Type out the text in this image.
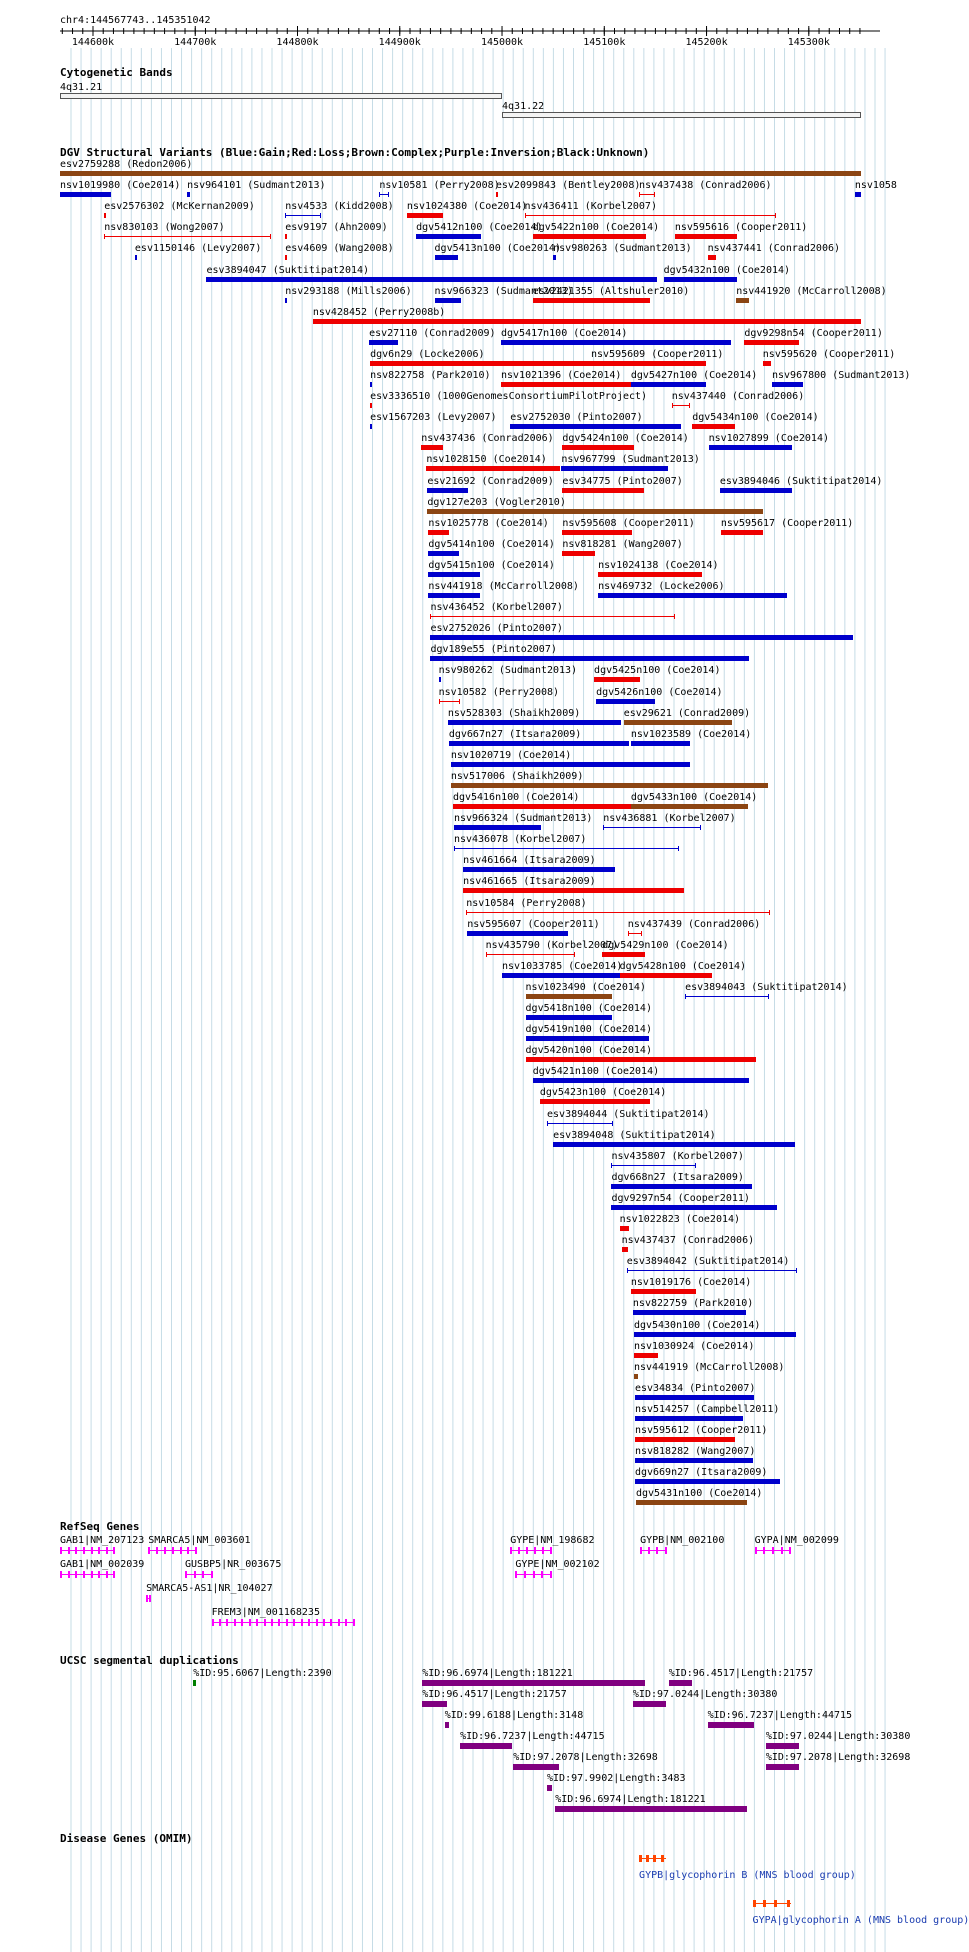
chr4:144567743..145351042
144600k	144700k	144800k	144900k	145000k	145100k	145200k	145300k
Cytogenetic Bands
4q31.21
4q31.22
DGV Structural Variants (Blue:Gain;Red:Loss;Brown:Complex;Purple:Inversion;Black:Unknown)
esv2759288 (Redon2006)
nsv1019980 (Coe2014) nsv964101 (Sudmant2013)	nsv10581 (Perry2008)
esv2099843 (Bentley2008)
nsv437438 (Conrad2006)	nsv1058
esv2576302 (McKernan2009)	nsv4533 (Kidd2008) nsv1024380 (Coe2014)
nsv436411 (Korbel2007)
nsv830103 (Wong2007)	esv9197 (Ahn2009)	dgv5412n100 (Coe2014)
dgv5422n100 (Coe2014) nsv595616 (Cooper2011)
esv1150146 (Levy2007) esv4609 (Wang2008)	dgv5413n100 (Coe2014)
nsv980263 (Sudmant2013) nsv437441 (Conrad2006)
esv3894047 (Suktitipat2014)	dgv5432n100 (Coe2014)
nsv293188 (Mills2006) nsv966323 (Sudmant2013)
esv2421355 (Altshuler2010)	nsv441920 (McCarroll2008)
nsv428452 (Perry2008b)
esv27110 (Conrad2009) dgv5417n100 (Coe2014)	dgv9298n54 (Cooper2011)
dgv6n29 (Locke2006)	nsv595609 (Cooper2011)	nsv595620 (Cooper2011)
nsv822758 (Park2010) nsv1021396 (Coe2014) dgv5427n100 (Coe2014) nsv967800 (Sudmant2013)
esv3336510 (1000GenomesConsortiumPilotProject) nsv437440 (Conrad2006)
esv1567203 (Levy2007) esv2752030 (Pinto2007)	dgv5434n100 (Coe2014)
nsv437436 (Conrad2006) dgv5424n100 (Coe2014) nsv1027899 (Coe2014)
nsv1028150 (Coe2014) nsv967799 (Sudmant2013)
esv21692 (Conrad2009) esv34775 (Pinto2007)	esv3894046 (Suktitipat2014)
dgv127e203 (Vogler2010)
nsv1025778 (Coe2014) nsv595608 (Cooper2011)	nsv595617 (Cooper2011)
dgv5414n100 (Coe2014) nsv818281 (Wang2007)
dgv5415n100 (Coe2014)	nsv1024138 (Coe2014)
nsv441918 (McCarroll2008) nsv469732 (Locke2006)
nsv436452 (Korbel2007)
esv2752026 (Pinto2007)
dgv189e55 (Pinto2007)
nsv980262 (Sudmant2013) dgv5425n100 (Coe2014)
nsv10582 (Perry2008)	dgv5426n100 (Coe2014)
nsv528303 (Shaikh2009)	esv29621 (Conrad2009)
dgv667n27 (Itsara2009)	nsv1023589 (Coe2014)
nsv1020719 (Coe2014)
nsv517006 (Shaikh2009)
dgv5416n100 (Coe2014)	dgv5433n100 (Coe2014)
nsv966324 (Sudmant2013) nsv436881 (Korbel2007)
nsv436078 (Korbel2007)
nsv461664 (Itsara2009)
nsv461665 (Itsara2009)
nsv10584 (Perry2008)
nsv595607 (Cooper2011)	nsv437439 (Conrad2006)
nsv435790 (Korbel2007)
dgv5429n100 (Coe2014)
nsv1033785 (Coe2014)
dgv5428n100 (Coe2014)
nsv1023490 (Coe2014)	esv3894043 (Suktitipat2014)
dgv5418n100 (Coe2014)
dgv5419n100 (Coe2014)
dgv5420n100 (Coe2014)
dgv5421n100 (Coe2014)
dgv5423n100 (Coe2014)
esv3894044 (Suktitipat2014)
esv3894048 (Suktitipat2014)
nsv435807 (Korbel2007)
dgv668n27 (Itsara2009)
dgv9297n54 (Cooper2011)
nsv1022823 (Coe2014)
nsv437437 (Conrad2006)
esv3894042 (Suktitipat2014)
nsv1019176 (Coe2014)
nsv822759 (Park2010)
dgv5430n100 (Coe2014)
nsv1030924 (Coe2014)
nsv441919 (McCarroll2008)
esv34834 (Pinto2007)
nsv514257 (Campbell2011)
nsv595612 (Cooper2011)
nsv818282 (Wang2007)
dgv669n27 (Itsara2009)
dgv5431n100 (Coe2014)
RefSeq Genes
GAB1|NM_207123 SMARCA5|NM_003601	GYPE|NM_198682	GYPB|NM_002100	GYPA|NM_002099
GAB1|NM_002039	GUSBP5|NR_003675	GYPE|NM_002102
SMARCA5-AS1|NR_104027
FREM3|NM_001168235
UCSC segmental duplications
%ID:95.6067|Length:2390	%ID:96.6974|Length:181221	%ID:96.4517|Length:21757
%ID:96.4517|Length:21757	%ID:97.0244|Length:30380
%ID:99.6188|Length:3148	%ID:96.7237|Length:44715
%ID:96.7237|Length:44715	%ID:97.0244|Length:30380
%ID:97.2078|Length:32698	%ID:97.2078|Length:32698
%ID:97.9902|Length:3483
%ID:96.6974|Length:181221
Disease Genes (OMIM)
GYPB|glycophorin B (MNS blood group)
GYPA|glycophorin A (MNS blood group)
